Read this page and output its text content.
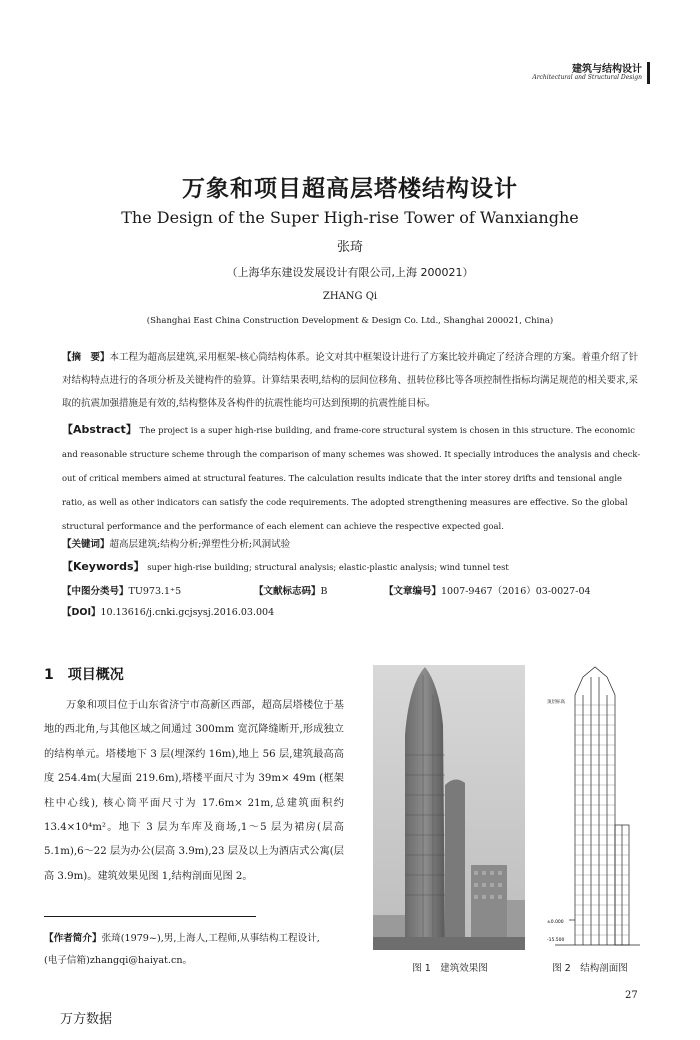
建筑与结构设计
Architectural and Structural Design
万象和项目超高层塔楼结构设计
The Design of the Super High-rise Tower of Wanxianghe
张琦
（上海华东建设发展设计有限公司,上海 200021）
ZHANG Qi
(Shanghai East China Construction Development & Design Co. Ltd., Shanghai 200021, China)
【摘　要】本工程为超高层建筑,采用框架-核心筒结构体系。论文对其中框架设计进行了方案比较并确定了经济合理的方案。着重介绍了针对结构特点进行的各项分析及关键构件的验算。计算结果表明,结构的层间位移角、扭转位移比等各项控制性指标均满足规范的相关要求,采取的抗震加强措施是有效的,结构整体及各构件的抗震性能均可达到预期的抗震性能目标。
【Abstract】 The project is a super high-rise building, and frame-core structural system is chosen in this structure. The economic and reasonable structure scheme through the comparison of many schemes was showed. It specially introduces the analysis and check-out of critical members aimed at structural features. The calculation results indicate that the inter storey drifts and tensional angle ratio, as well as other indicators can satisfy the code requirements. The adopted strengthening measures are effective. So the global structural performance and the performance of each element can achieve the respective expected goal.
【关键词】超高层建筑;结构分析;弹塑性分析;风洞试验
【Keywords】 super high-rise building; structural analysis; elastic-plastic analysis; wind tunnel test
【中图分类号】TU973.1⁺5	【文献标志码】B	【文章编号】1007-9467（2016）03-0027-04
【DOI】10.13616/j.cnki.gcjsysj.2016.03.004
1　项目概况
万象和项目位于山东省济宁市高新区西部，超高层塔楼位于基地的西北角,与其他区域之间通过 300mm 宽沉降缝断开,形成独立的结构单元。塔楼地下 3 层(埋深约 16m),地上 56 层,建筑最高高度 254.4m(大屋面 219.6m),塔楼平面尺寸为 39m× 49m (框架柱中心线), 核心筒平面尺寸为 17.6m× 21m,总建筑面积约 13.4×10⁴m²。地下 3 层为车库及商场,1～5 层为裙房(层高 5.1m),6～22 层为办公(层高 3.9m),23 层及以上为酒店式公寓(层高 3.9m)。建筑效果见图 1,结构剖面见图 2。
【作者简介】张琦(1979~),男,上海人,工程师,从事结构工程设计,
(电子信箱)zhangqi@haiyat.cn。
顶层标高
±0.000
-15.500
图 1　建筑效果图	图 2　结构剖面图
27
万方数据
